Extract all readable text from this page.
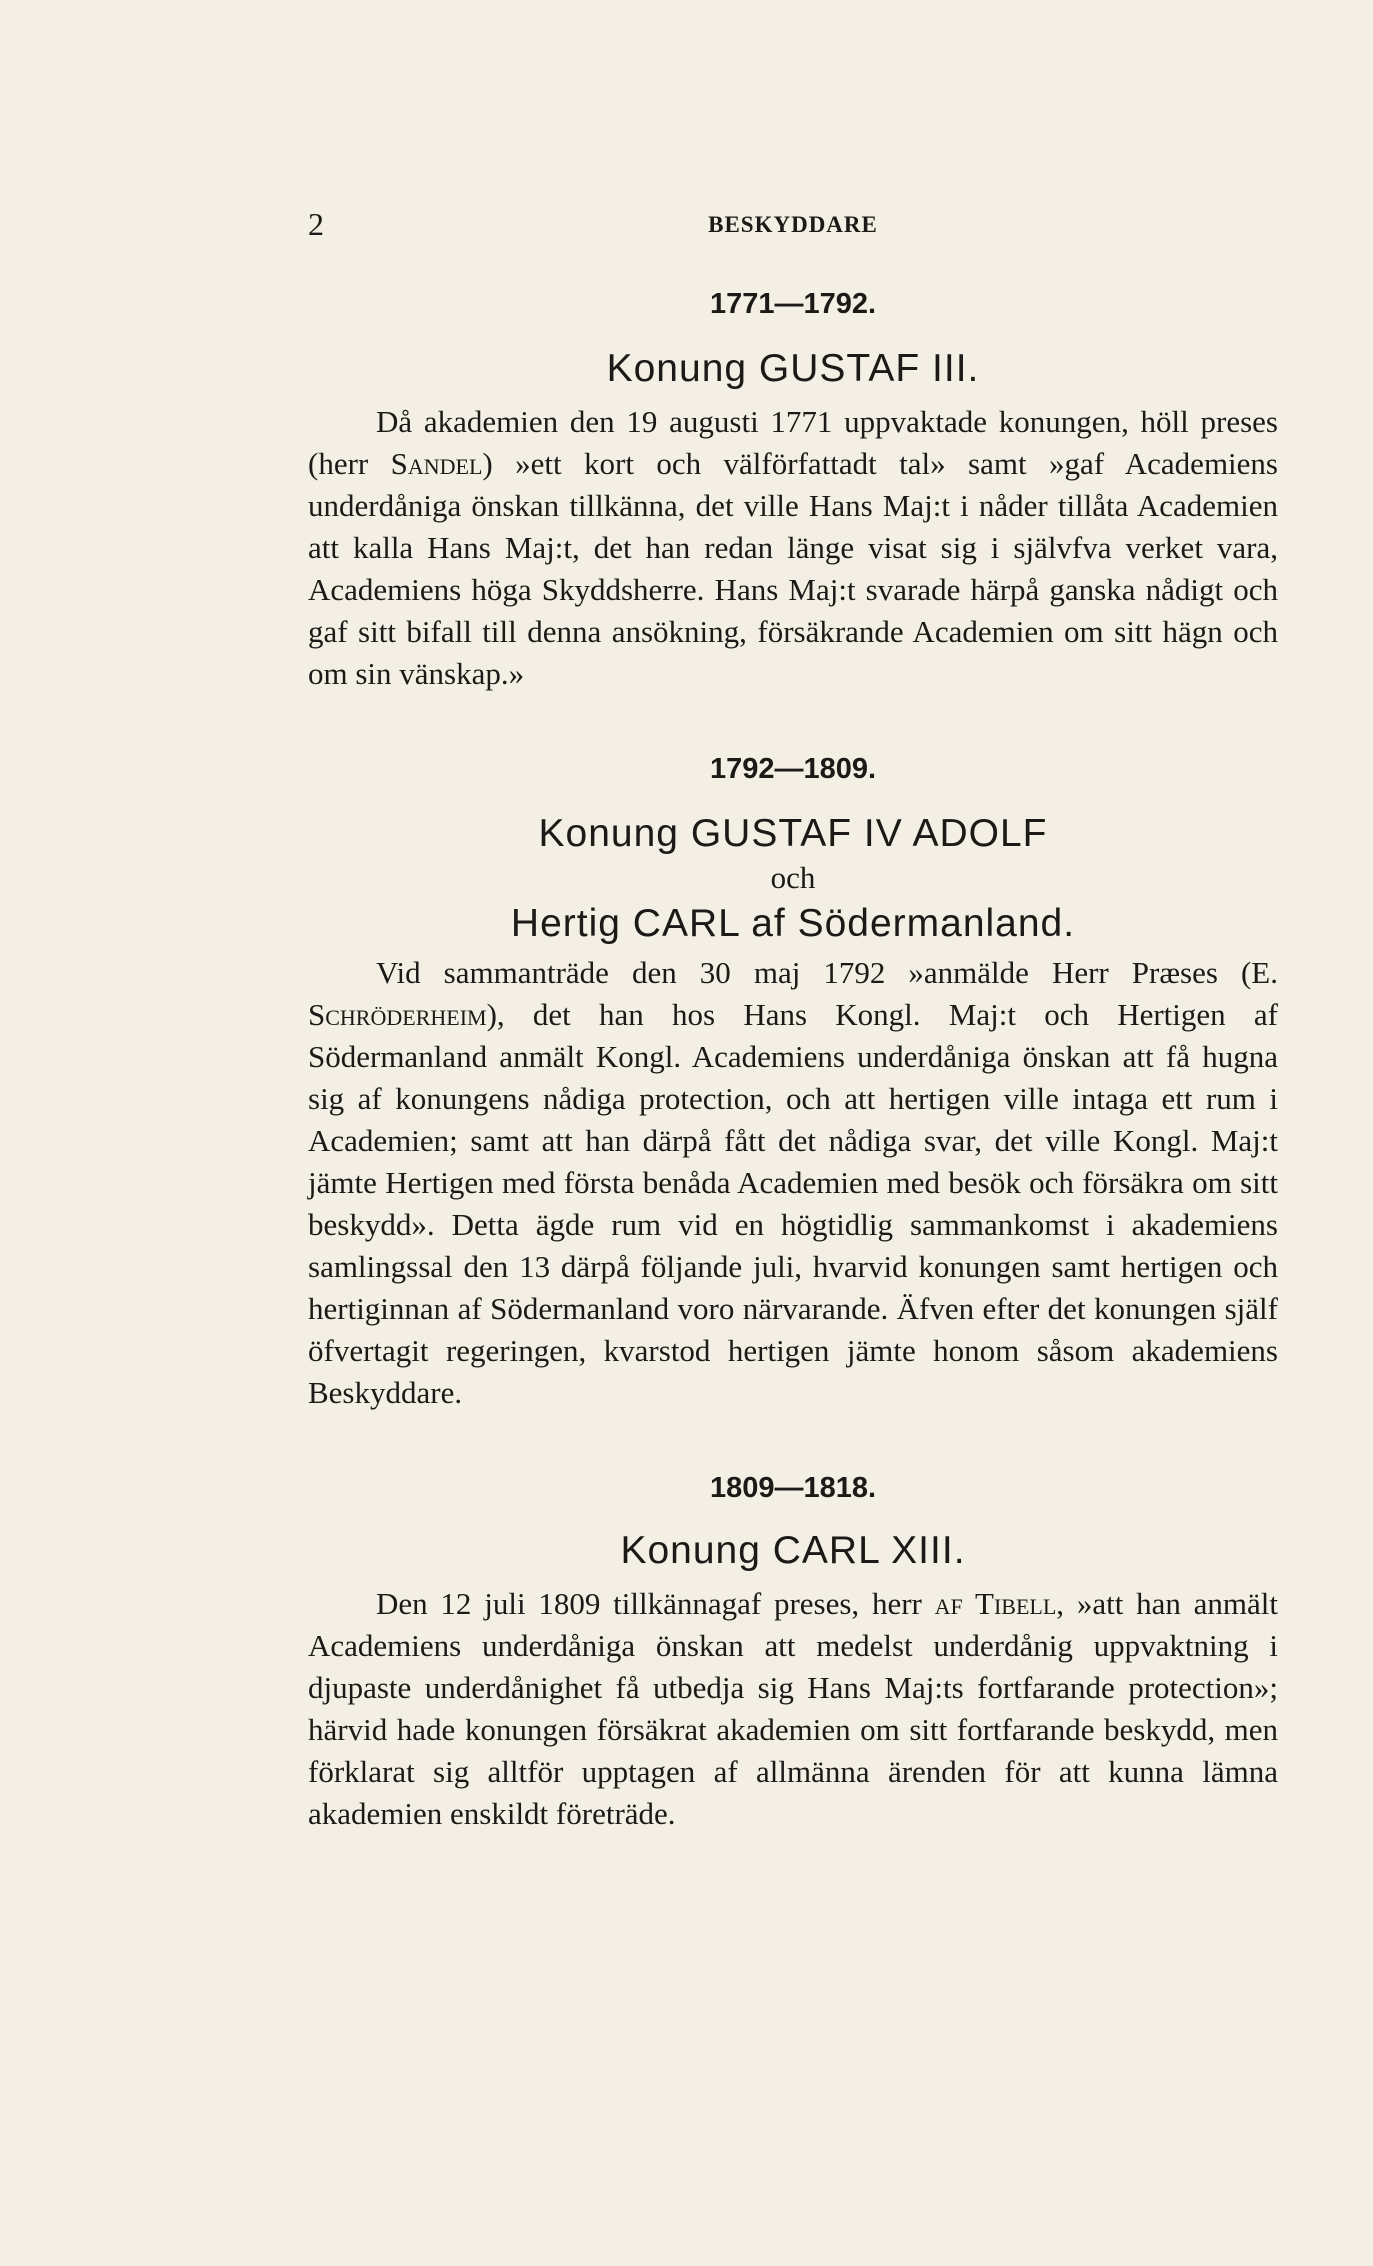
2	BESKYDDARE

1771—1792.

Konung GUSTAF III.

Då akademien den 19 augusti 1771 uppvaktade konungen, höll preses (herr Sandel) »ett kort och välförfattadt tal» samt »gaf Academiens underdåniga önskan tillkänna, det ville Hans Maj:t i nåder tillåta Academien att kalla Hans Maj:t, det han redan länge visat sig i självfva verket vara, Academiens höga Skyddsherre. Hans Maj:t svarade härpå ganska nådigt och gaf sitt bifall till denna ansökning, försäkrande Academien om sitt hägn och om sin vänskap.»

1792—1809.

Konung GUSTAF IV ADOLF

och

Hertig CARL af Södermanland.

Vid sammanträde den 30 maj 1792 »anmälde Herr Præses (E. Schröderheim), det han hos Hans Kongl. Maj:t och Hertigen af Södermanland anmält Kongl. Academiens underdåniga önskan att få hugna sig af konungens nådiga protection, och att hertigen ville intaga ett rum i Academien; samt att han därpå fått det nådiga svar, det ville Kongl. Maj:t jämte Hertigen med första benåda Academien med besök och försäkra om sitt beskydd». Detta ägde rum vid en högtidlig sammankomst i akademiens samlingssal den 13 därpå följande juli, hvarvid konungen samt hertigen och hertiginnan af Södermanland voro närvarande. Äfven efter det konungen själf öfvertagit regeringen, kvarstod hertigen jämte honom såsom akademiens Beskyddare.

1809—1818.

Konung CARL XIII.

Den 12 juli 1809 tillkännagaf preses, herr af Tibell, »att han anmält Academiens underdåniga önskan att medelst underdånig uppvaktning i djupaste underdånighet få utbedja sig Hans Maj:ts fortfarande protection»; härvid hade konungen försäkrat akademien om sitt fortfarande beskydd, men förklarat sig alltför upptagen af allmänna ärenden för att kunna lämna akademien enskildt företräde.
